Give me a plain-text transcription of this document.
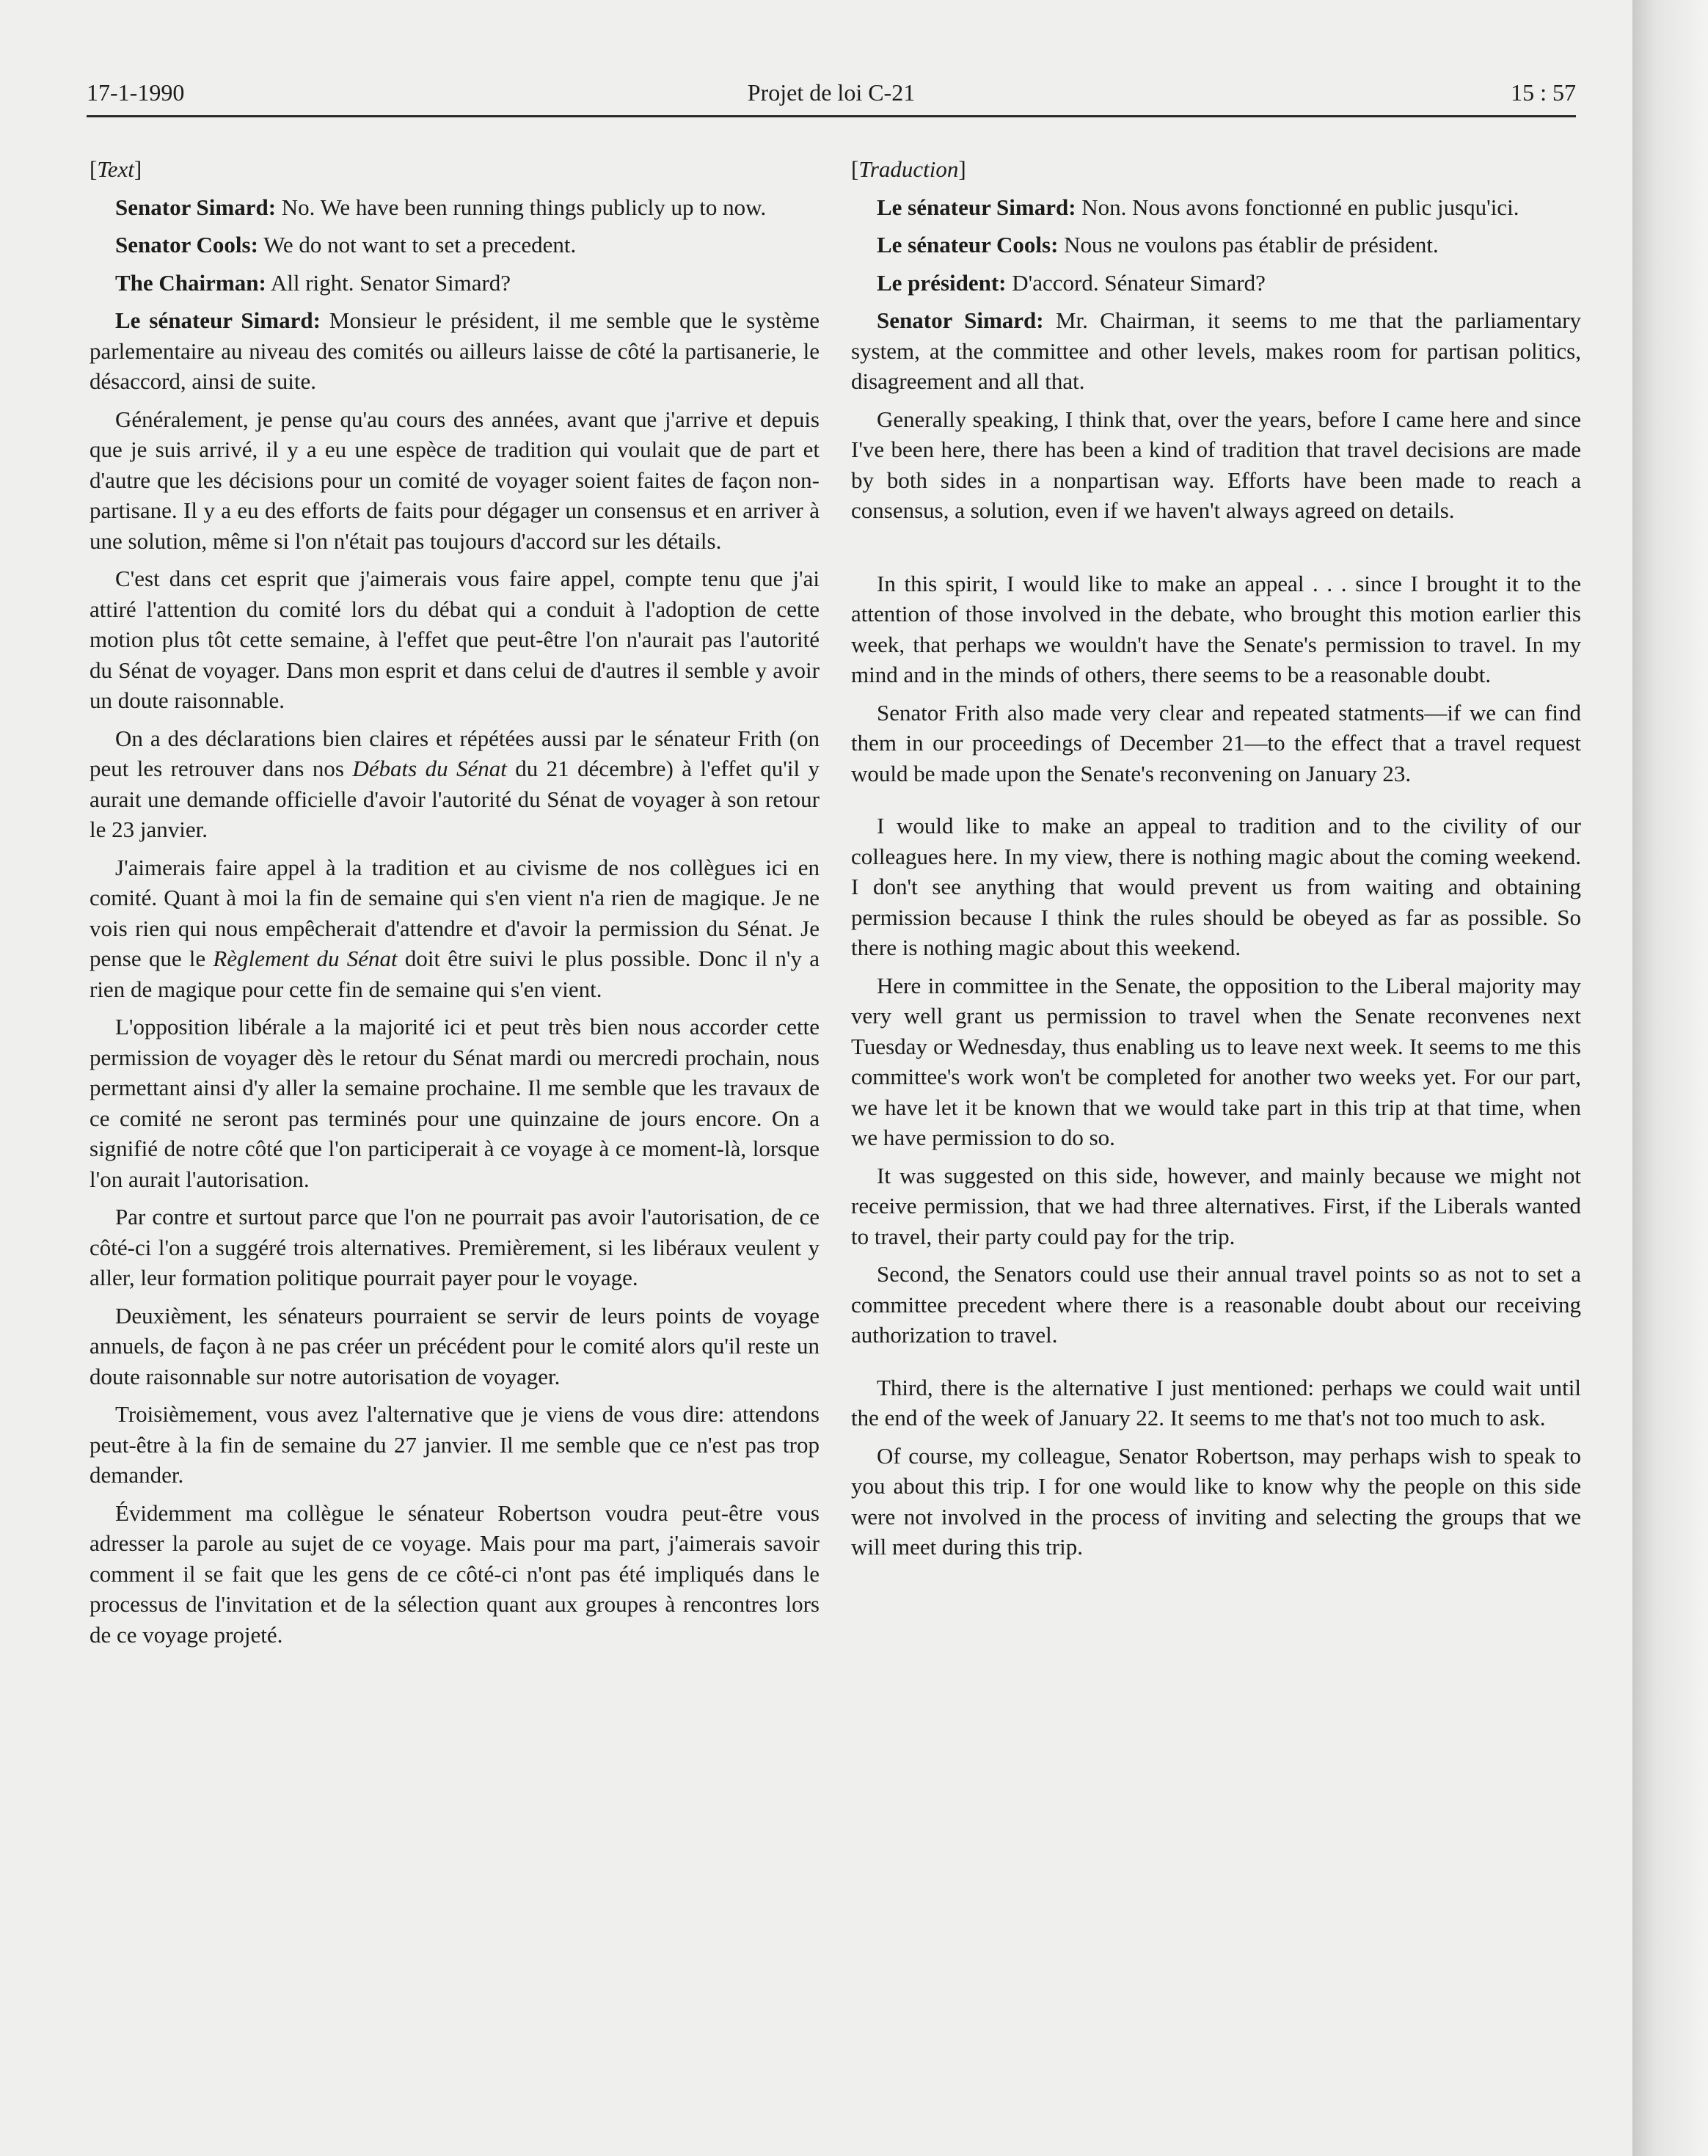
17-1-1990	Projet de loi C-21	15 : 57

[Text]

Senator Simard: No. We have been running things publicly up to now.

Senator Cools: We do not want to set a precedent.

The Chairman: All right. Senator Simard?

Le sénateur Simard: Monsieur le président, il me semble que le système parlementaire au niveau des comités ou ailleurs laisse de côté la partisanerie, le désaccord, ainsi de suite.

Généralement, je pense qu'au cours des années, avant que j'arrive et depuis que je suis arrivé, il y a eu une espèce de tradition qui voulait que de part et d'autre que les décisions pour un comité de voyager soient faites de façon non-partisane. Il y a eu des efforts de faits pour dégager un consensus et en arriver à une solution, même si l'on n'était pas toujours d'accord sur les détails.

C'est dans cet esprit que j'aimerais vous faire appel, compte tenu que j'ai attiré l'attention du comité lors du débat qui a conduit à l'adoption de cette motion plus tôt cette semaine, à l'effet que peut-être l'on n'aurait pas l'autorité du Sénat de voyager. Dans mon esprit et dans celui de d'autres il semble y avoir un doute raisonnable.

On a des déclarations bien claires et répétées aussi par le sénateur Frith (on peut les retrouver dans nos Débats du Sénat du 21 décembre) à l'effet qu'il y aurait une demande officielle d'avoir l'autorité du Sénat de voyager à son retour le 23 janvier.

J'aimerais faire appel à la tradition et au civisme de nos collègues ici en comité. Quant à moi la fin de semaine qui s'en vient n'a rien de magique. Je ne vois rien qui nous empêcherait d'attendre et d'avoir la permission du Sénat. Je pense que le Règlement du Sénat doit être suivi le plus possible. Donc il n'y a rien de magique pour cette fin de semaine qui s'en vient.

L'opposition libérale a la majorité ici et peut très bien nous accorder cette permission de voyager dès le retour du Sénat mardi ou mercredi prochain, nous permettant ainsi d'y aller la semaine prochaine. Il me semble que les travaux de ce comité ne seront pas terminés pour une quinzaine de jours encore. On a signifié de notre côté que l'on participerait à ce voyage à ce moment-là, lorsque l'on aurait l'autorisation.

Par contre et surtout parce que l'on ne pourrait pas avoir l'autorisation, de ce côté-ci l'on a suggéré trois alternatives. Premièrement, si les libéraux veulent y aller, leur formation politique pourrait payer pour le voyage.

Deuxièment, les sénateurs pourraient se servir de leurs points de voyage annuels, de façon à ne pas créer un précédent pour le comité alors qu'il reste un doute raisonnable sur notre autorisation de voyager.

Troisièmement, vous avez l'alternative que je viens de vous dire: attendons peut-être à la fin de semaine du 27 janvier. Il me semble que ce n'est pas trop demander.

Évidemment ma collègue le sénateur Robertson voudra peut-être vous adresser la parole au sujet de ce voyage. Mais pour ma part, j'aimerais savoir comment il se fait que les gens de ce côté-ci n'ont pas été impliqués dans le processus de l'invitation et de la sélection quant aux groupes à rencontres lors de ce voyage projeté.

[Traduction]

Le sénateur Simard: Non. Nous avons fonctionné en public jusqu'ici.

Le sénateur Cools: Nous ne voulons pas établir de président.

Le président: D'accord. Sénateur Simard?

Senator Simard: Mr. Chairman, it seems to me that the parliamentary system, at the committee and other levels, makes room for partisan politics, disagreement and all that.

Generally speaking, I think that, over the years, before I came here and since I've been here, there has been a kind of tradition that travel decisions are made by both sides in a nonpartisan way. Efforts have been made to reach a consensus, a solution, even if we haven't always agreed on details.

In this spirit, I would like to make an appeal . . . since I brought it to the attention of those involved in the debate, who brought this motion earlier this week, that perhaps we wouldn't have the Senate's permission to travel. In my mind and in the minds of others, there seems to be a reasonable doubt.

Senator Frith also made very clear and repeated statments—if we can find them in our proceedings of December 21—to the effect that a travel request would be made upon the Senate's reconvening on January 23.

I would like to make an appeal to tradition and to the civility of our colleagues here. In my view, there is nothing magic about the coming weekend. I don't see anything that would prevent us from waiting and obtaining permission because I think the rules should be obeyed as far as possible. So there is nothing magic about this weekend.

Here in committee in the Senate, the opposition to the Liberal majority may very well grant us permission to travel when the Senate reconvenes next Tuesday or Wednesday, thus enabling us to leave next week. It seems to me this committee's work won't be completed for another two weeks yet. For our part, we have let it be known that we would take part in this trip at that time, when we have permission to do so.

It was suggested on this side, however, and mainly because we might not receive permission, that we had three alternatives. First, if the Liberals wanted to travel, their party could pay for the trip.

Second, the Senators could use their annual travel points so as not to set a committee precedent where there is a reasonable doubt about our receiving authorization to travel.

Third, there is the alternative I just mentioned: perhaps we could wait until the end of the week of January 22. It seems to me that's not too much to ask.

Of course, my colleague, Senator Robertson, may perhaps wish to speak to you about this trip. I for one would like to know why the people on this side were not involved in the process of inviting and selecting the groups that we will meet during this trip.
